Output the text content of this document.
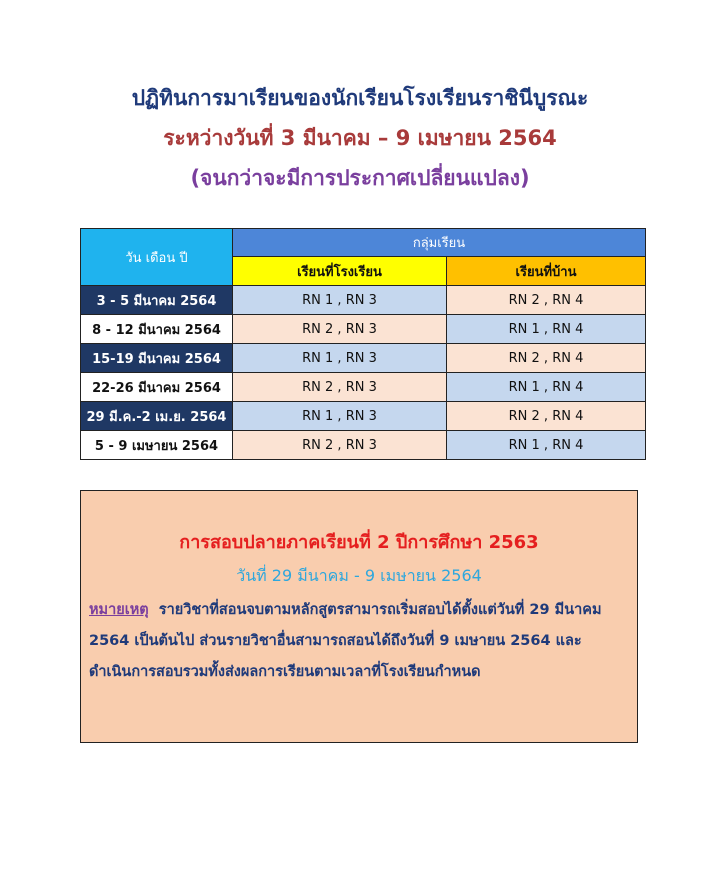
ปฏิทินการมาเรียนของนักเรียนโรงเรียนราชินีบูรณะ
ระหว่างวันที่ 3 มีนาคม – 9 เมษายน 2564
(จนกว่าจะมีการประกาศเปลี่ยนแปลง)
วัน เดือน ปี	กลุ่มเรียน	
	เรียนที่โรงเรียน	เรียนที่บ้าน
3 - 5 มีนาคม 2564	RN 1 , RN 3	RN 2 , RN 4
8 - 12 มีนาคม 2564	RN 2 , RN 3	RN 1 , RN 4
15-19 มีนาคม 2564	RN 1 , RN 3	RN 2 , RN 4
22-26 มีนาคม 2564	RN 2 , RN 3	RN 1 , RN 4
29 มี.ค.-2 เม.ย. 2564	RN 1 , RN 3	RN 2 , RN 4
5 - 9 เมษายน 2564	RN 2 , RN 3	RN 1 , RN 4
การสอบปลายภาคเรียนที่ 2 ปีการศึกษา 2563
วันที่ 29 มีนาคม - 9 เมษายน 2564
หมายเหตุ  รายวิชาที่สอนจบตามหลักสูตรสามารถเริ่มสอบได้ตั้งแต่วันที่ 29 มีนาคม
2564 เป็นต้นไป ส่วนรายวิชาอื่นสามารถสอนได้ถึงวันที่ 9 เมษายน 2564 และ
ดำเนินการสอบรวมทั้งส่งผลการเรียนตามเวลาที่โรงเรียนกำหนด
